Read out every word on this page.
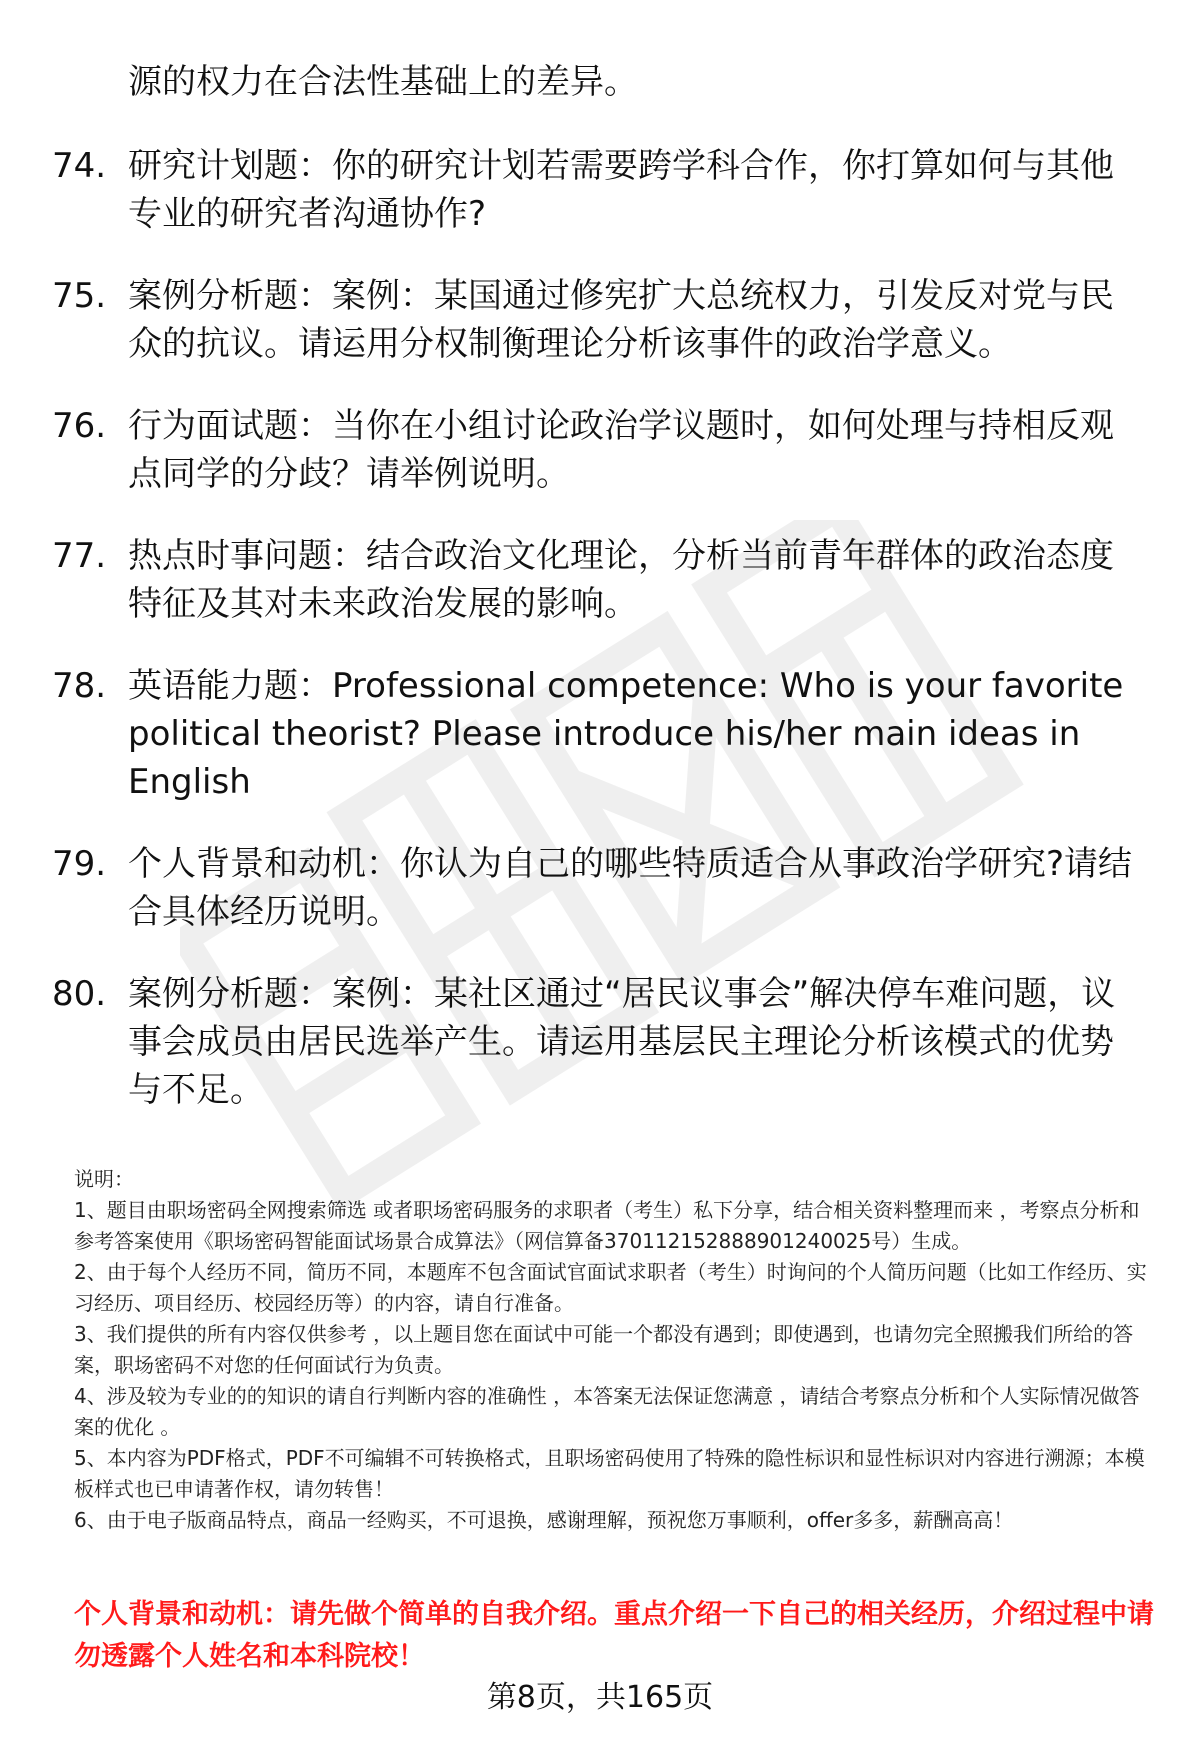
源的权力在合法性基础上的差异。
74. 研究计划题：你的研究计划若需要跨学科合作，你打算如何与其他专业的研究者沟通协作?
75. 案例分析题：案例：某国通过修宪扩大总统权力，引发反对党与民众的抗议。请运用分权制衡理论分析该事件的政治学意义。
76. 行为面试题：当你在小组讨论政治学议题时，如何处理与持相反观点同学的分歧？请举例说明。
77. 热点时事问题：结合政治文化理论，分析当前青年群体的政治态度特征及其对未来政治发展的影响。
78. 英语能力题：Professional competence: Who is your favorite political theorist? Please introduce his/her main ideas in English
79. 个人背景和动机：你认为自己的哪些特质适合从事政治学研究?请结合具体经历说明。
80. 案例分析题：案例：某社区通过“居民议事会”解决停车难问题，议事会成员由居民选举产生。请运用基层民主理论分析该模式的优势与不足。

说明：

1、题目由职场密码全网搜索筛选 或者职场密码服务的求职者（考生）私下分享，结合相关资料整理而来 ，考察点分析和参考答案使用《职场密码智能面试场景合成算法》（网信算备370112152888901240025号）生成。

2、由于每个人经历不同，简历不同，本题库不包含面试官面试求职者（考生）时询问的个人简历问题（比如工作经历、实习经历、项目经历、校园经历等）的内容，请自行准备。

3、我们提供的所有内容仅供参考 ，以上题目您在面试中可能一个都没有遇到；即使遇到，也请勿完全照搬我们所给的答案，职场密码不对您的任何面试行为负责。

4、涉及较为专业的的知识的请自行判断内容的准确性 ，本答案无法保证您满意 ，请结合考察点分析和个人实际情况做答案的优化 。

5、本内容为PDF格式，PDF不可编辑不可转换格式，且职场密码使用了特殊的隐性标识和显性标识对内容进行溯源；本模板样式也已申请著作权，请勿转售！

6、由于电子版商品特点，商品一经购买，不可退换，感谢理解，预祝您万事顺利，offer多多，薪酬高高！

个人背景和动机：请先做个简单的自我介绍。重点介绍一下自己的相关经历，介绍过程中请勿透露个人姓名和本科院校！
第8页，共165页
